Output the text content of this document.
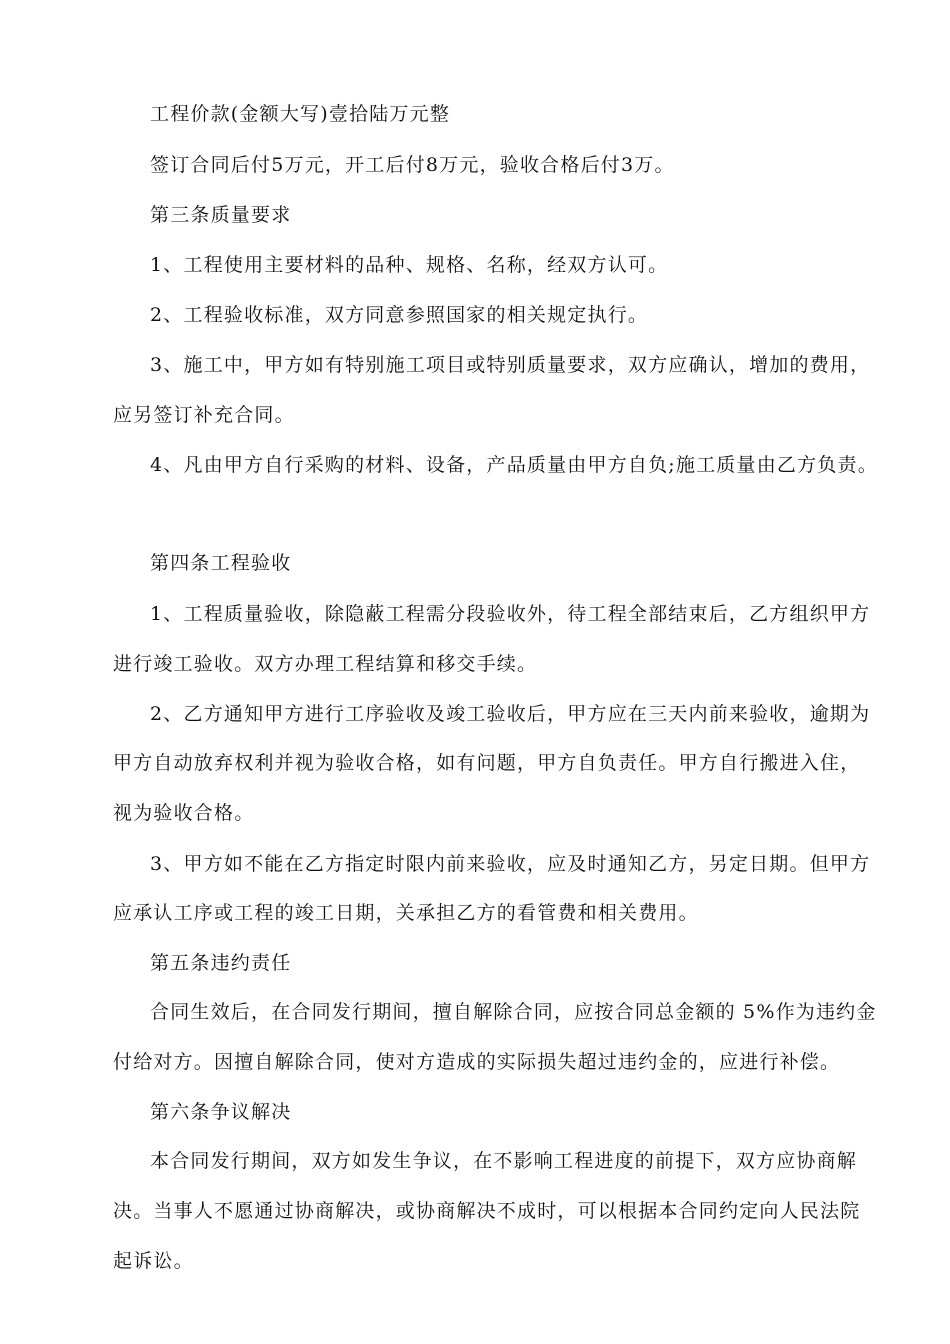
工程价款(金额大写)壹拾陆万元整
签订合同后付5万元，开工后付8万元，验收合格后付3万。
第三条质量要求
1、工程使用主要材料的品种、规格、名称，经双方认可。
2、工程验收标准，双方同意参照国家的相关规定执行。
3、施工中，甲方如有特别施工项目或特别质量要求，双方应确认，增加的费用，
应另签订补充合同。
4、凡由甲方自行采购的材料、设备，产品质量由甲方自负;施工质量由乙方负责。
第四条工程验收
1、工程质量验收，除隐蔽工程需分段验收外，待工程全部结束后，乙方组织甲方
进行竣工验收。双方办理工程结算和移交手续。
2、乙方通知甲方进行工序验收及竣工验收后，甲方应在三天内前来验收，逾期为
甲方自动放弃权利并视为验收合格，如有问题，甲方自负责任。甲方自行搬进入住，
视为验收合格。
3、甲方如不能在乙方指定时限内前来验收，应及时通知乙方，另定日期。但甲方
应承认工序或工程的竣工日期，关承担乙方的看管费和相关费用。
第五条违约责任
合同生效后，在合同发行期间，擅自解除合同，应按合同总金额的 5%作为违约金
付给对方。因擅自解除合同，使对方造成的实际损失超过违约金的，应进行补偿。
第六条争议解决
本合同发行期间，双方如发生争议，在不影响工程进度的前提下，双方应协商解
决。当事人不愿通过协商解决，或协商解决不成时，可以根据本合同约定向人民法院
起诉讼。
